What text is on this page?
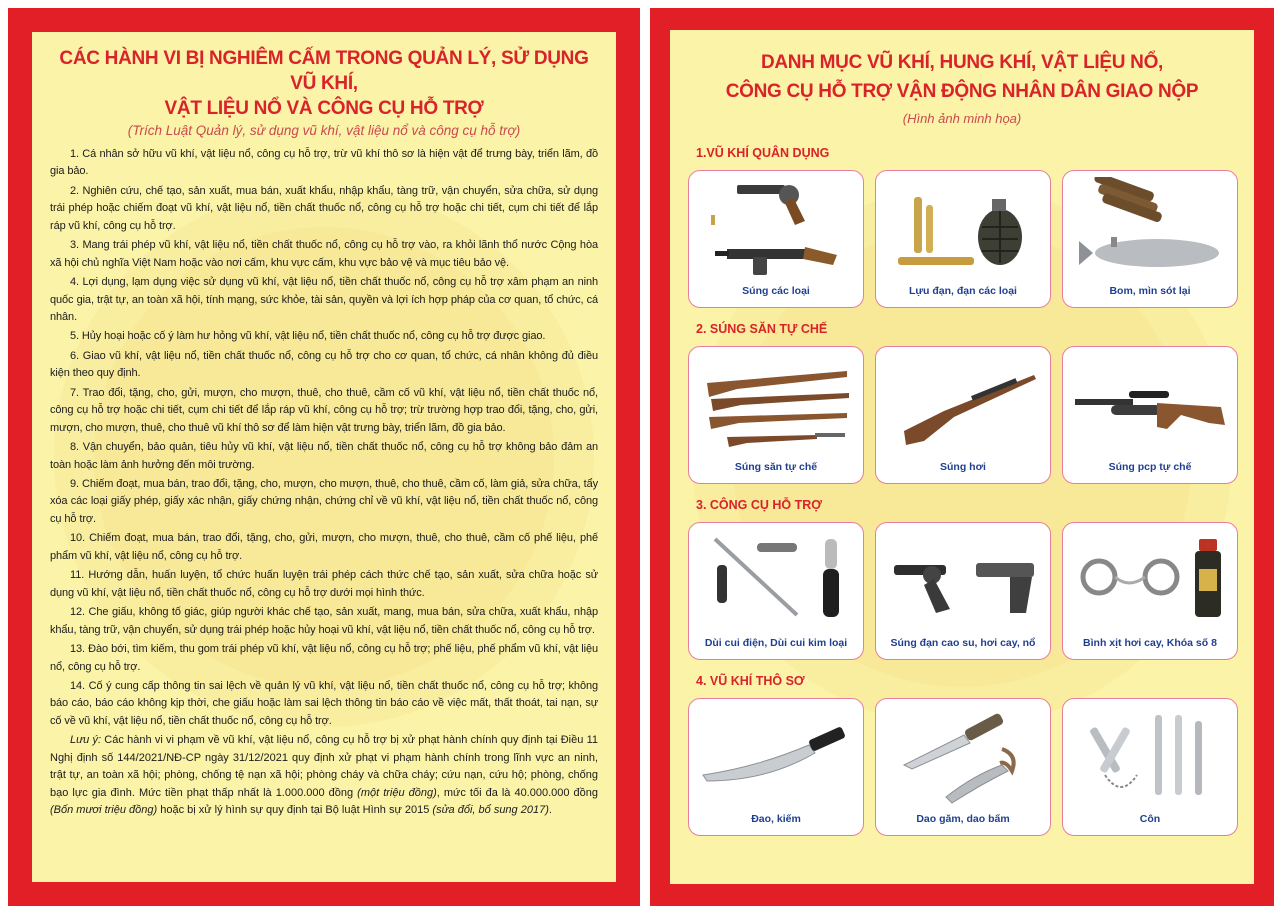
CÁC HÀNH VI BỊ NGHIÊM CẤM TRONG QUẢN LÝ, SỬ DỤNG VŨ KHÍ,
VẬT LIỆU NỔ VÀ CÔNG CỤ HỖ TRỢ
(Trích Luật Quản lý, sử dụng vũ khí, vật liệu nổ và công cụ hỗ trợ)
1. Cá nhân sở hữu vũ khí, vật liệu nổ, công cụ hỗ trợ, trừ vũ khí thô sơ là hiện vật để trưng bày, triển lãm, đồ gia bảo.
2. Nghiên cứu, chế tạo, sản xuất, mua bán, xuất khẩu, nhập khẩu, tàng trữ, vận chuyển, sửa chữa, sử dụng trái phép hoặc chiếm đoạt vũ khí, vật liệu nổ, tiền chất thuốc nổ, công cụ hỗ trợ hoặc chi tiết, cụm chi tiết để lắp ráp vũ khí, công cụ hỗ trợ.
3. Mang trái phép vũ khí, vật liệu nổ, tiền chất thuốc nổ, công cụ hỗ trợ vào, ra khỏi lãnh thổ nước Cộng hòa xã hội chủ nghĩa Việt Nam hoặc vào nơi cấm, khu vực cấm, khu vực bảo vệ và mục tiêu bảo vệ.
4. Lợi dụng, lạm dụng việc sử dụng vũ khí, vật liệu nổ, tiền chất thuốc nổ, công cụ hỗ trợ xâm phạm an ninh quốc gia, trật tự, an toàn xã hội, tính mạng, sức khỏe, tài sản, quyền và lợi ích hợp pháp của cơ quan, tổ chức, cá nhân.
5. Hủy hoại hoặc cố ý làm hư hỏng vũ khí, vật liệu nổ, tiền chất thuốc nổ, công cụ hỗ trợ được giao.
6. Giao vũ khí, vật liệu nổ, tiền chất thuốc nổ, công cụ hỗ trợ cho cơ quan, tổ chức, cá nhân không đủ điều kiện theo quy định.
7. Trao đổi, tặng, cho, gửi, mượn, cho mượn, thuê, cho thuê, cầm cố vũ khí, vật liệu nổ, tiền chất thuốc nổ, công cụ hỗ trợ hoặc chi tiết, cụm chi tiết để lắp ráp vũ khí, công cụ hỗ trợ; trừ trường hợp trao đổi, tặng, cho, gửi, mượn, cho mượn, thuê, cho thuê vũ khí thô sơ để làm hiện vật trưng bày, triển lãm, đồ gia bảo.
8. Vận chuyển, bảo quản, tiêu hủy vũ khí, vật liệu nổ, tiền chất thuốc nổ, công cụ hỗ trợ không bảo đảm an toàn hoặc làm ảnh hưởng đến môi trường.
9. Chiếm đoạt, mua bán, trao đổi, tặng, cho, mượn, cho mượn, thuê, cho thuê, cầm cố, làm giả, sửa chữa, tẩy xóa các loại giấy phép, giấy xác nhận, giấy chứng nhận, chứng chỉ về vũ khí, vật liệu nổ, tiền chất thuốc nổ, công cụ hỗ trợ.
10. Chiếm đoạt, mua bán, trao đổi, tặng, cho, gửi, mượn, cho mượn, thuê, cho thuê, cầm cố phế liệu, phế phẩm vũ khí, vật liệu nổ, công cụ hỗ trợ.
11. Hướng dẫn, huấn luyện, tổ chức huấn luyện trái phép cách thức chế tạo, sản xuất, sửa chữa hoặc sử dụng vũ khí, vật liệu nổ, tiền chất thuốc nổ, công cụ hỗ trợ dưới mọi hình thức.
12. Che giấu, không tố giác, giúp người khác chế tạo, sản xuất, mang, mua bán, sửa chữa, xuất khẩu, nhập khẩu, tàng trữ, vận chuyển, sử dụng trái phép hoặc hủy hoại vũ khí, vật liệu nổ, tiền chất thuốc nổ, công cụ hỗ trợ.
13. Đào bới, tìm kiếm, thu gom trái phép vũ khí, vật liệu nổ, công cụ hỗ trợ; phế liệu, phế phẩm vũ khí, vật liệu nổ, công cụ hỗ trợ.
14. Cố ý cung cấp thông tin sai lệch về quản lý vũ khí, vật liệu nổ, tiền chất thuốc nổ, công cụ hỗ trợ; không báo cáo, báo cáo không kịp thời, che giấu hoặc làm sai lệch thông tin báo cáo về việc mất, thất thoát, tai nạn, sự cố về vũ khí, vật liệu nổ, tiền chất thuốc nổ, công cụ hỗ trợ.

Lưu ý: Các hành vi vi phạm về vũ khí, vật liệu nổ, công cụ hỗ trợ bị xử phạt hành chính quy định tại Điều 11 Nghị định số 144/2021/NĐ-CP ngày 31/12/2021 quy định xử phạt vi phạm hành chính trong lĩnh vực an ninh, trật tự, an toàn xã hội; phòng, chống tệ nạn xã hội; phòng cháy và chữa cháy; cứu nạn, cứu hộ; phòng, chống bạo lực gia đình. Mức tiền phạt thấp nhất là 1.000.000 đồng (một triệu đồng), mức tối đa là 40.000.000 đồng (Bốn mươi triệu đồng) hoặc bị xử lý hình sự quy định tại Bộ luật Hình sự 2015 (sửa đổi, bổ sung 2017).

DANH MỤC VŨ KHÍ, HUNG KHÍ, VẬT LIỆU NỔ,
CÔNG CỤ HỖ TRỢ VẬN ĐỘNG NHÂN DÂN GIAO NỘP
(Hình ảnh minh họa)
1.VŨ KHÍ QUÂN DỤNG
Súng các loại	Lựu đạn, đạn các loại	Bom, mìn sót lại
2. SÚNG SĂN TỰ CHẾ
Súng săn tự chế	Súng hơi	Súng pcp tự chế
3. CÔNG CỤ HỖ TRỢ
Dùi cui điện, Dùi cui kim loại	Súng đạn cao su, hơi cay, nổ	Bình xịt hơi cay, Khóa số 8
4. VŨ KHÍ THÔ SƠ
Đao, kiếm	Dao găm, dao bấm	Côn
